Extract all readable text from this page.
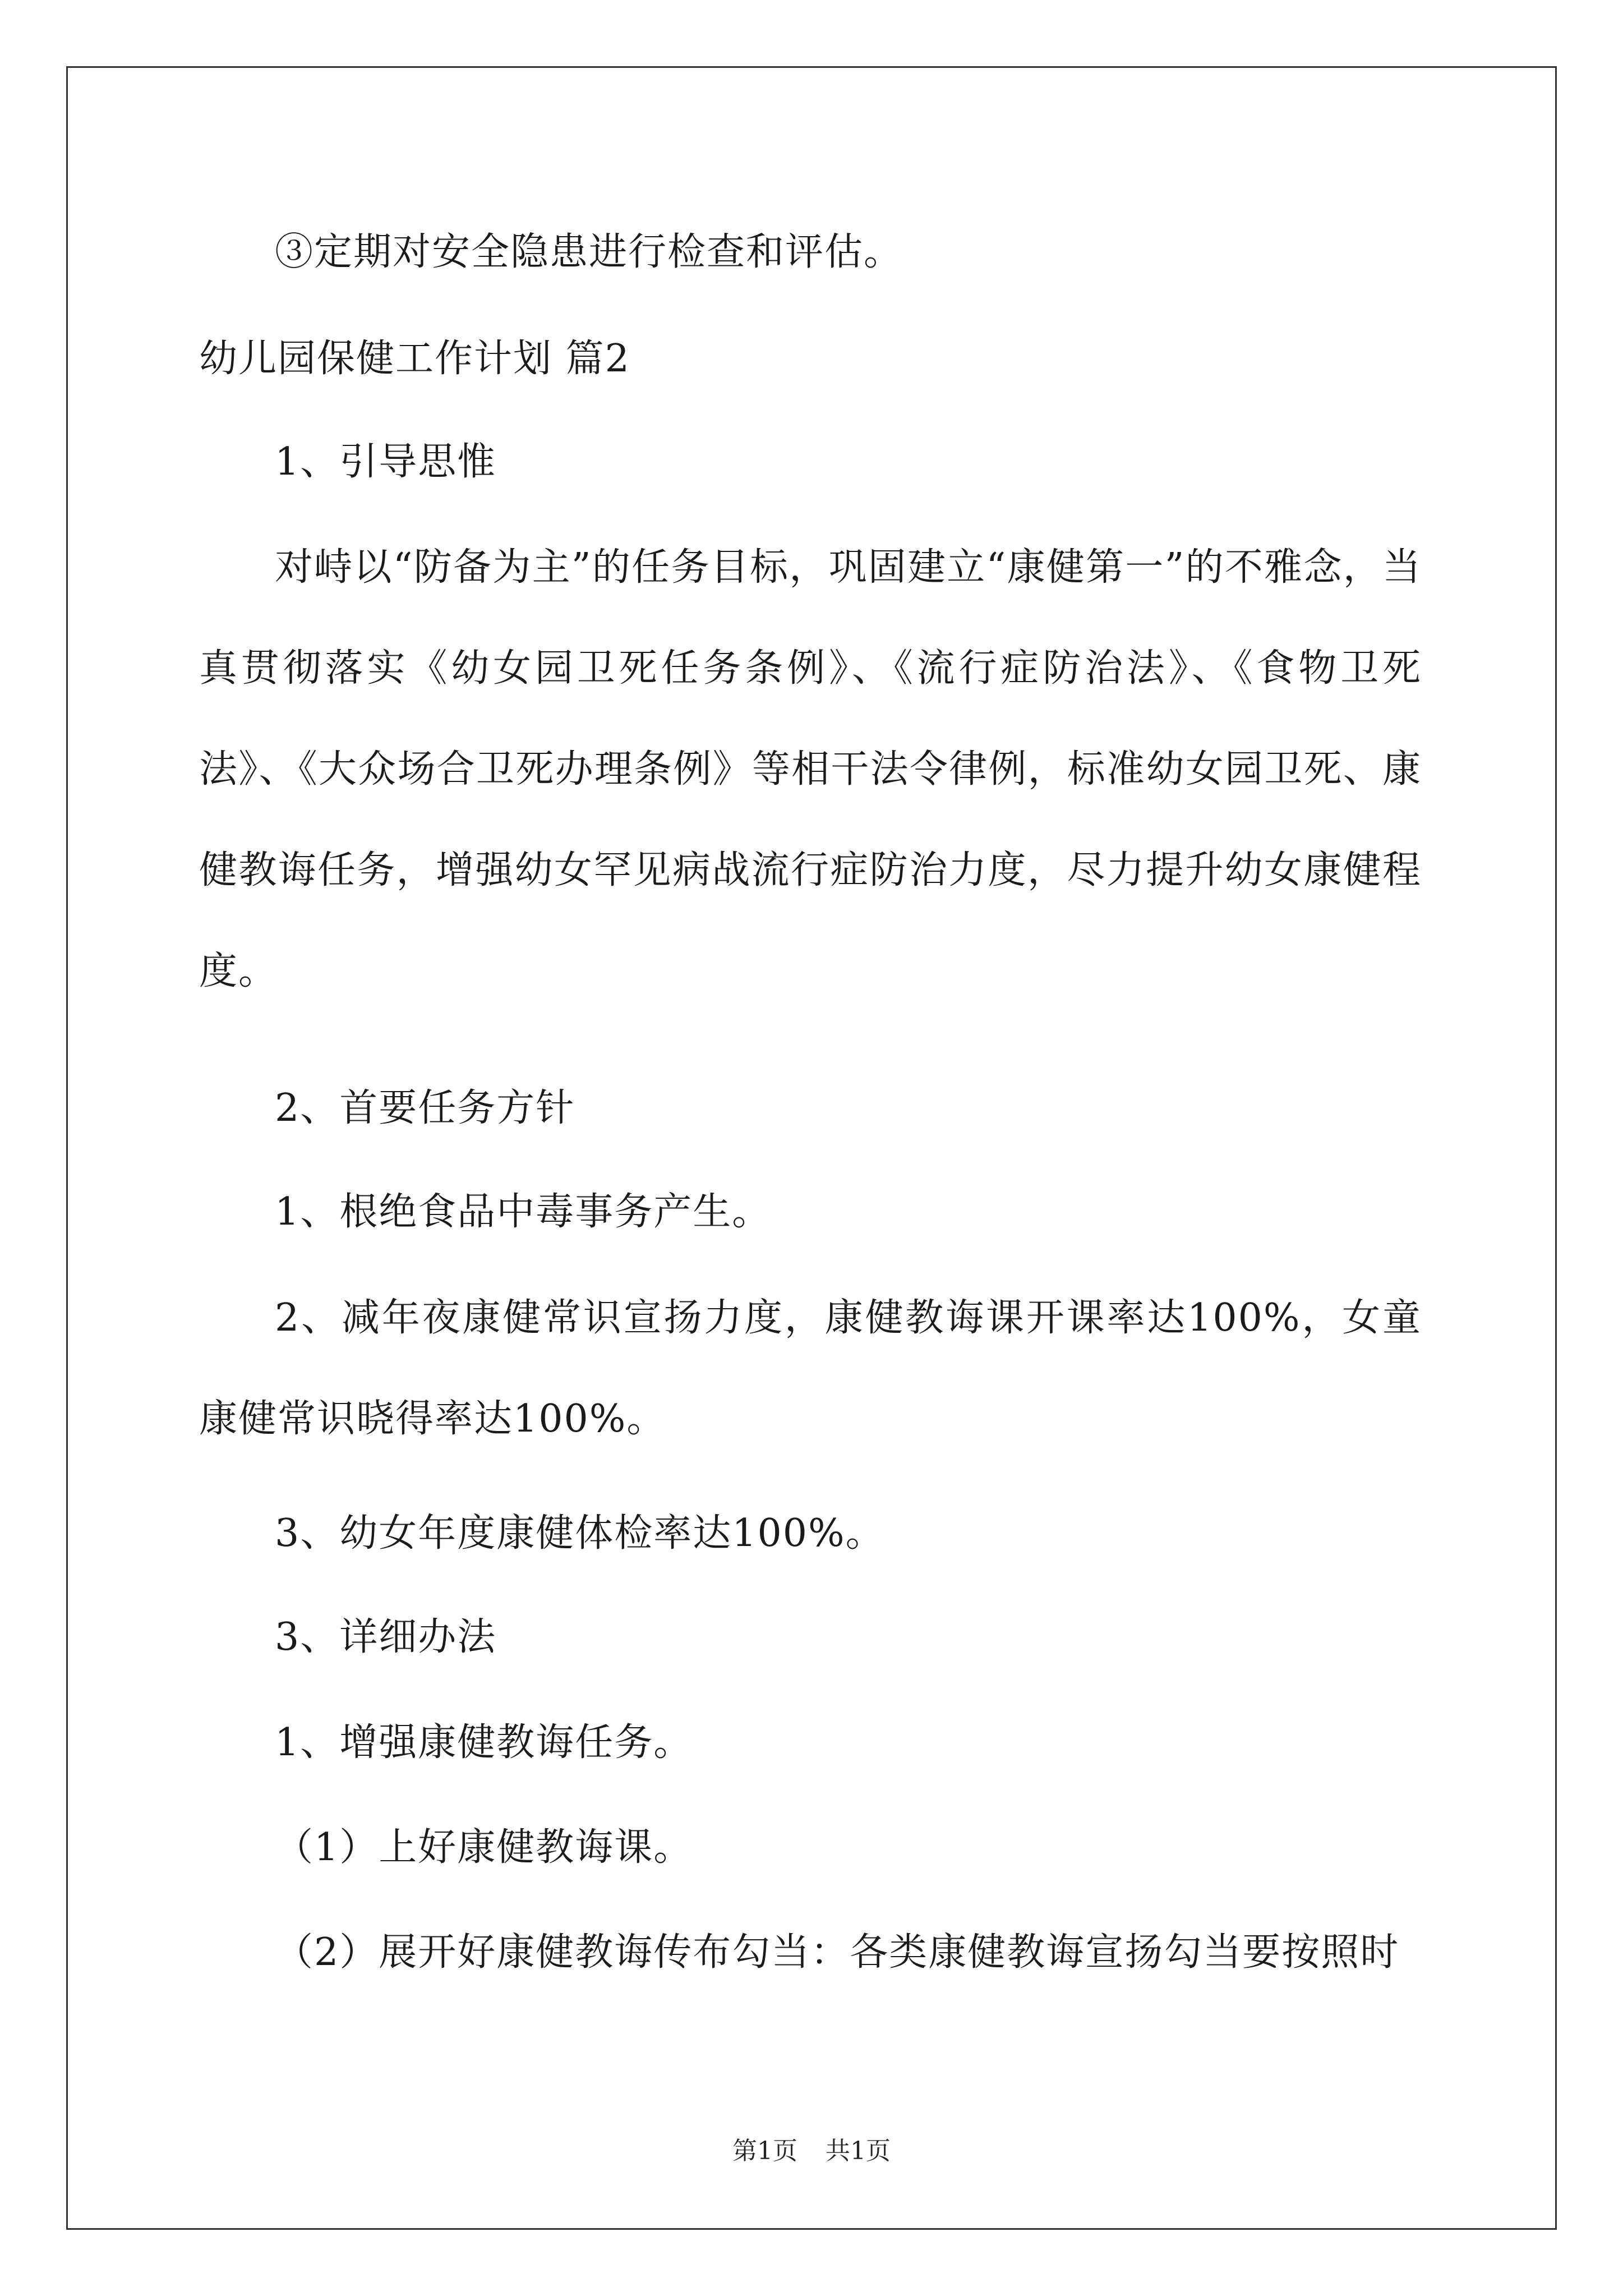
③定期对安全隐患进行检查和评估。
幼儿园保健工作计划 篇2
1、引导思惟
对峙以“防备为主”的任务目标，巩固建立“康健第一”的不雅念，当真贯彻落实《幼女园卫死任务条例》、《流行症防治法》、《食物卫死法》、《大众场合卫死办理条例》等相干法令律例，标准幼女园卫死、康健教诲任务，增强幼女罕见病战流行症防治力度，尽力提升幼女康健程度。
2、首要任务方针
1、根绝食品中毒事务产生。
2、减年夜康健常识宣扬力度，康健教诲课开课率达100%，女童康健常识晓得率达100%。
3、幼女年度康健体检率达100%。
3、详细办法
1、增强康健教诲任务。
（1）上好康健教诲课。
（2）展开好康健教诲传布勾当：各类康健教诲宣扬勾当要按照时
第1页 共1页
